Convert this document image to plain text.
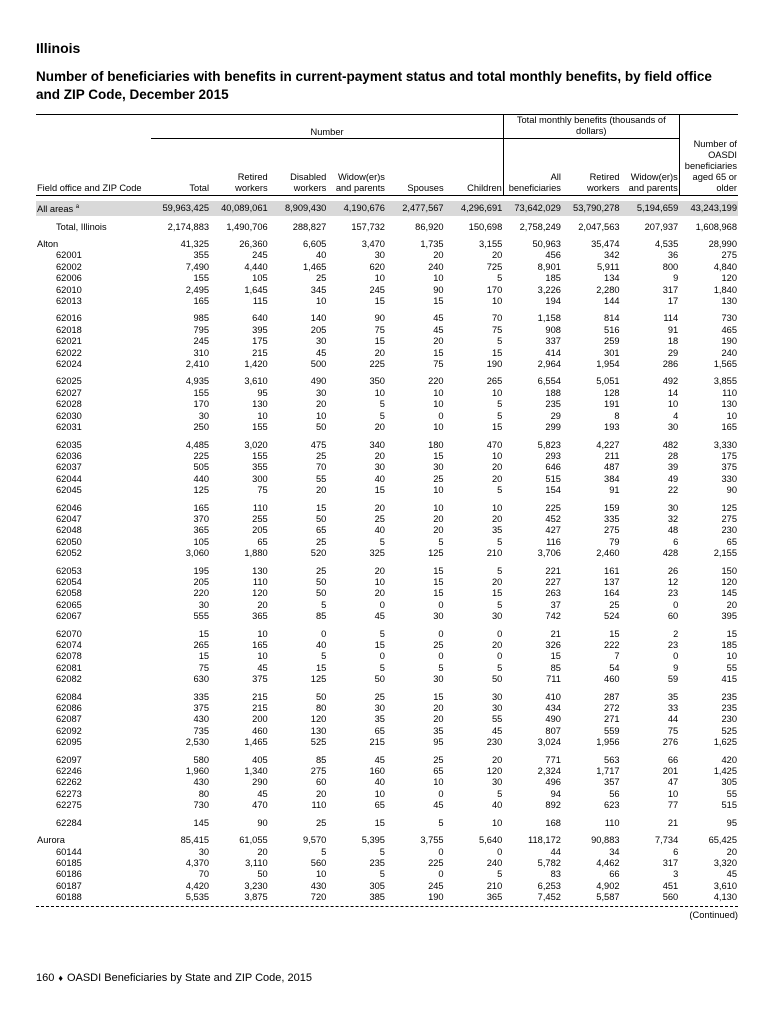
Illinois
Number of beneficiaries with benefits in current-payment status and total monthly benefits, by field office and ZIP Code, December 2015
	Number						Total monthly benefits (thousands of dollars)			
Field office and ZIP Code	Total	Retired workers	Disabled workers	Widow(er)s and parents	Spouses	Children	All beneficiaries	Retired workers	Widow(er)s and parents	Number of OASDI beneficiaries aged 65 or older

All areas $^a$	59,963,425	40,089,061	8,909,430	4,190,676	2,477,567	4,296,691	73,642,029	53,790,278	5,194,659	43,243,199

Total, Illinois	2,174,883	1,490,706	288,827	157,732	86,920	150,698	2,758,249	2,047,563	207,937	1,608,968

Alton	41,325	26,360	6,605	3,470	1,735	3,155	50,963	35,474	4,535	28,990
62001	355	245	40	30	20	20	456	342	36	275
62002	7,490	4,440	1,465	620	240	725	8,901	5,911	800	4,840
62006	155	105	25	10	10	5	185	134	9	120
62010	2,495	1,645	345	245	90	170	3,226	2,280	317	1,840
62013	165	115	10	15	15	10	194	144	17	130

62016	985	640	140	90	45	70	1,158	814	114	730
62018	795	395	205	75	45	75	908	516	91	465
62021	245	175	30	15	20	5	337	259	18	190
62022	310	215	45	20	15	15	414	301	29	240
62024	2,410	1,420	500	225	75	190	2,964	1,954	286	1,565

62025	4,935	3,610	490	350	220	265	6,554	5,051	492	3,855
62027	155	95	30	10	10	10	188	128	14	110
62028	170	130	20	5	10	5	235	191	10	130
62030	30	10	10	5	0	5	29	8	4	10
62031	250	155	50	20	10	15	299	193	30	165

62035	4,485	3,020	475	340	180	470	5,823	4,227	482	3,330
62036	225	155	25	20	15	10	293	211	28	175
62037	505	355	70	30	30	20	646	487	39	375
62044	440	300	55	40	25	20	515	384	49	330
62045	125	75	20	15	10	5	154	91	22	90

62046	165	110	15	20	10	10	225	159	30	125
62047	370	255	50	25	20	20	452	335	32	275
62048	365	205	65	40	20	35	427	275	48	230
62050	105	65	25	5	5	5	116	79	6	65
62052	3,060	1,880	520	325	125	210	3,706	2,460	428	2,155

62053	195	130	25	20	15	5	221	161	26	150
62054	205	110	50	10	15	20	227	137	12	120
62058	220	120	50	20	15	15	263	164	23	145
62065	30	20	5	0	0	5	37	25	0	20
62067	555	365	85	45	30	30	742	524	60	395

62070	15	10	0	5	0	0	21	15	2	15
62074	265	165	40	15	25	20	326	222	23	185
62078	15	10	5	0	0	0	15	7	0	10
62081	75	45	15	5	5	5	85	54	9	55
62082	630	375	125	50	30	50	711	460	59	415

62084	335	215	50	25	15	30	410	287	35	235
62086	375	215	80	30	20	30	434	272	33	235
62087	430	200	120	35	20	55	490	271	44	230
62092	735	460	130	65	35	45	807	559	75	525
62095	2,530	1,465	525	215	95	230	3,024	1,956	276	1,625

62097	580	405	85	45	25	20	771	563	66	420
62246	1,960	1,340	275	160	65	120	2,324	1,717	201	1,425
62262	430	290	60	40	10	30	496	357	47	305
62273	80	45	20	10	0	5	94	56	10	55
62275	730	470	110	65	45	40	892	623	77	515

62284	145	90	25	15	5	10	168	110	21	95

Aurora	85,415	61,055	9,570	5,395	3,755	5,640	118,172	90,883	7,734	65,425
60144	30	20	5	5	0	0	44	34	6	20
60185	4,370	3,110	560	235	225	240	5,782	4,462	317	3,320
60186	70	50	10	5	0	5	83	66	3	45
60187	4,420	3,230	430	305	245	210	6,253	4,902	451	3,610
60188	5,535	3,875	720	385	190	365	7,452	5,587	560	4,130
(Continued)
160 ♦ OASDI Beneficiaries by State and ZIP Code, 2015
